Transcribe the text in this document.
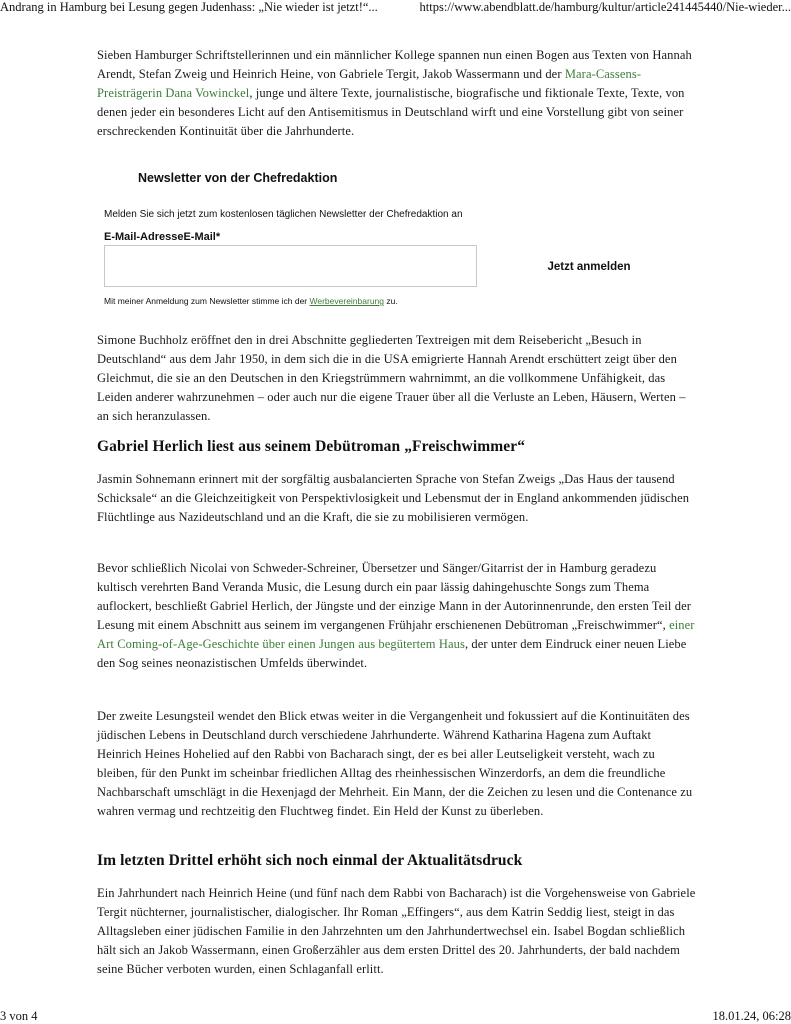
Andrang in Hamburg bei Lesung gegen Judenhass: „Nie wieder ist jetzt!“...	https://www.abendblatt.de/hamburg/kultur/article241445440/Nie-wieder...

Sieben Hamburger Schriftstellerinnen und ein männlicher Kollege spannen nun einen Bogen aus Texten von Hannah Arendt, Stefan Zweig und Heinrich Heine, von Gabriele Tergit, Jakob Wassermann und der Mara-Cassens-Preisträgerin Dana Vowinckel, junge und ältere Texte, journalistische, biografische und fiktionale Texte, Texte, von denen jeder ein besonderes Licht auf den Antisemitismus in Deutschland wirft und eine Vorstellung gibt von seiner erschreckenden Kontinuität über die Jahrhunderte.

Newsletter von der Chefredaktion
Melden Sie sich jetzt zum kostenlosen täglichen Newsletter der Chefredaktion an
E-Mail-AdresseE-Mail*
Jetzt anmelden
Mit meiner Anmeldung zum Newsletter stimme ich der Werbevereinbarung zu.

Simone Buchholz eröffnet den in drei Abschnitte gegliederten Textreigen mit dem Reisebericht „Besuch in Deutschland“ aus dem Jahr 1950, in dem sich die in die USA emigrierte Hannah Arendt erschüttert zeigt über den Gleichmut, die sie an den Deutschen in den Kriegstrümmern wahrnimmt, an die vollkommene Unfähigkeit, das Leiden anderer wahrzunehmen – oder auch nur die eigene Trauer über all die Verluste an Leben, Häusern, Werten – an sich heranzulassen.

Gabriel Herlich liest aus seinem Debütroman „Freischwimmer“

Jasmin Sohnemann erinnert mit der sorgfältig ausbalancierten Sprache von Stefan Zweigs „Das Haus der tausend Schicksale“ an die Gleichzeitigkeit von Perspektivlosigkeit und Lebensmut der in England ankommenden jüdischen Flüchtlinge aus Nazideutschland und an die Kraft, die sie zu mobilisieren vermögen.

Bevor schließlich Nicolai von Schweder-Schreiner, Übersetzer und Sänger/Gitarrist der in Hamburg geradezu kultisch verehrten Band Veranda Music, die Lesung durch ein paar lässig dahingehuschte Songs zum Thema auflockert, beschließt Gabriel Herlich, der Jüngste und der einzige Mann in der Autorinnenrunde, den ersten Teil der Lesung mit einem Abschnitt aus seinem im vergangenen Frühjahr erschienenen Debütroman „Freischwimmer“, einer Art Coming-of-Age-Geschichte über einen Jungen aus begütertem Haus, der unter dem Eindruck einer neuen Liebe den Sog seines neonazistischen Umfelds überwindet.

Der zweite Lesungsteil wendet den Blick etwas weiter in die Vergangenheit und fokussiert auf die Kontinuitäten des jüdischen Lebens in Deutschland durch verschiedene Jahrhunderte. Während Katharina Hagena zum Auftakt Heinrich Heines Hohelied auf den Rabbi von Bacharach singt, der es bei aller Leutseligkeit versteht, wach zu bleiben, für den Punkt im scheinbar friedlichen Alltag des rheinhessischen Winzerdorfs, an dem die freundliche Nachbarschaft umschlägt in die Hexenjagd der Mehrheit. Ein Mann, der die Zeichen zu lesen und die Contenance zu wahren vermag und rechtzeitig den Fluchtweg findet. Ein Held der Kunst zu überleben.

Im letzten Drittel erhöht sich noch einmal der Aktualitätsdruck

Ein Jahrhundert nach Heinrich Heine (und fünf nach dem Rabbi von Bacharach) ist die Vorgehensweise von Gabriele Tergit nüchterner, journalistischer, dialogischer. Ihr Roman „Effingers“, aus dem Katrin Seddig liest, steigt in das Alltagsleben einer jüdischen Familie in den Jahrzehnten um den Jahrhundertwechsel ein. Isabel Bogdan schließlich hält sich an Jakob Wassermann, einen Großerzähler aus dem ersten Drittel des 20. Jahrhunderts, der bald nachdem seine Bücher verboten wurden, einen Schlaganfall erlitt.

3 von 4	18.01.24, 06:28
